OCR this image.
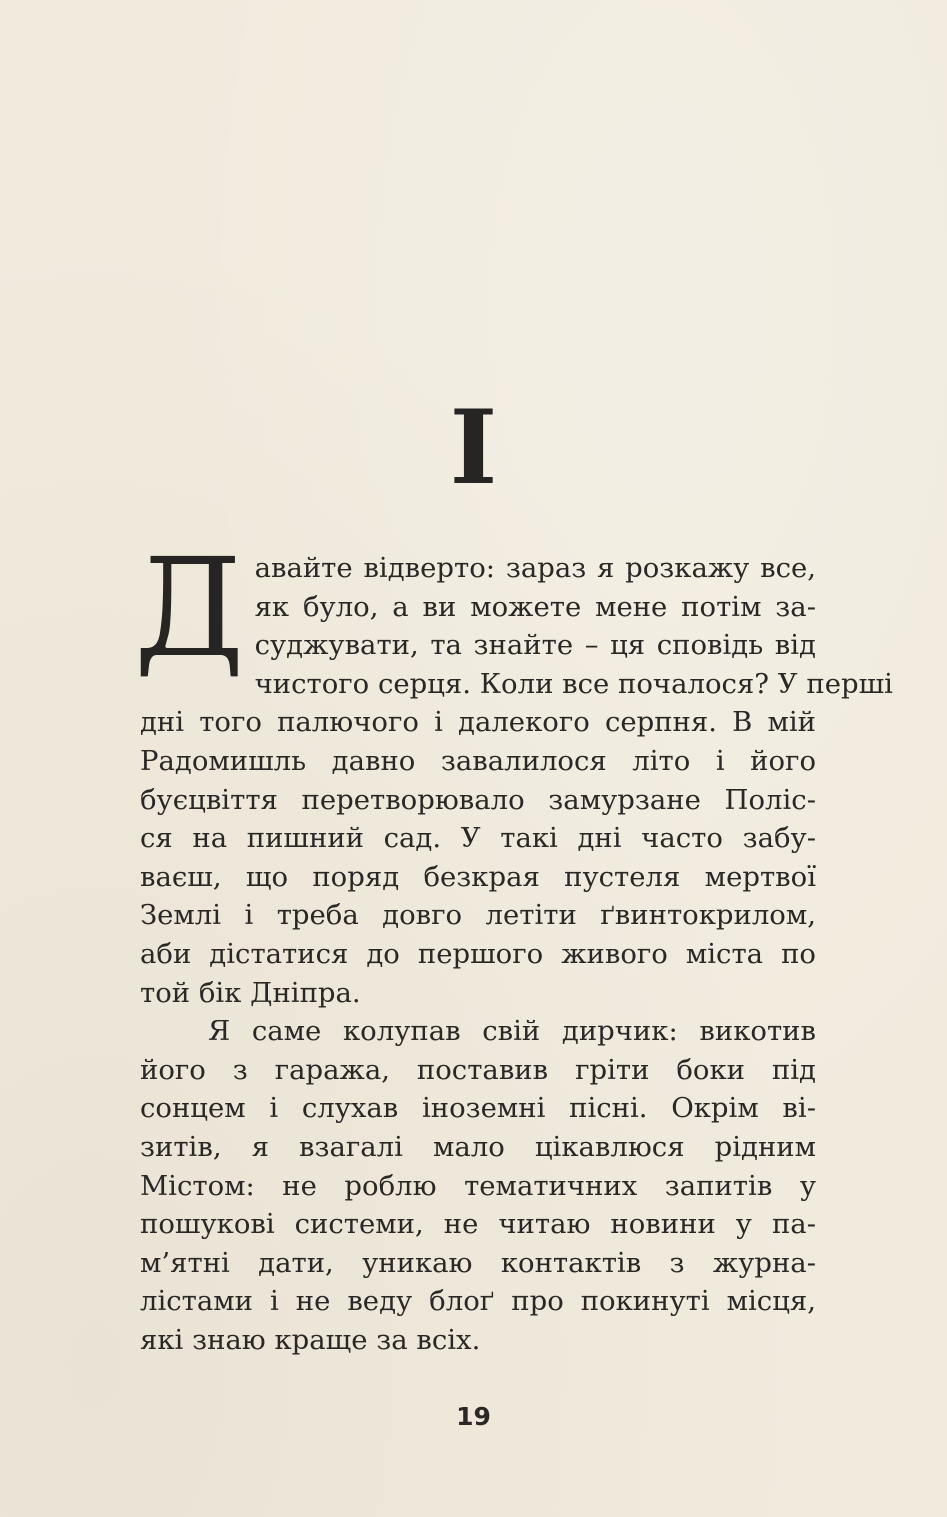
I
Д авайте відверто: зараз я розкажу все,
як було, а ви можете мене потім за-
суджувати, та знайте – ця сповідь від
чистого серця. Коли все почалося? У перші
дні того палючого і далекого серпня. В мій
Радомишль давно завалилося літо і його
буєцвіття перетворювало замурзане Поліс-
ся на пишний сад. У такі дні часто забу-
ваєш, що поряд безкрая пустеля мертвої
Землі і треба довго летіти ґвинтокрилом,
аби дістатися до першого живого міста по
той бік Дніпра.
Я саме колупав свій дирчик: викотив
його з гаража, поставив гріти боки під
сонцем і слухав іноземні пісні. Окрім ві-
зитів, я взагалі мало цікавлюся рідним
Містом: не роблю тематичних запитів у
пошукові системи, не читаю новини у па-
м’ятні дати, уникаю контактів з журна-
лістами і не веду блоґ про покинуті місця,
які знаю краще за всіх.
19
